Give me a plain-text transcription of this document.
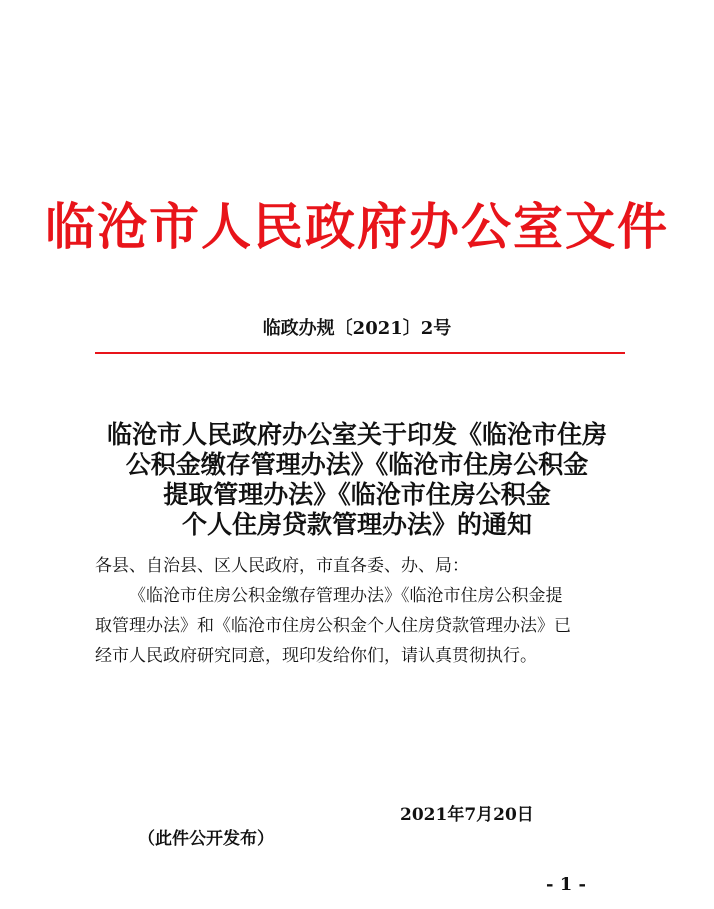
临沧市人民政府办公室文件
临政办规〔2021〕2号
临沧市人民政府办公室关于印发《临沧市住房
公积金缴存管理办法》《临沧市住房公积金
提取管理办法》《临沧市住房公积金
个人住房贷款管理办法》的通知

各县、自治县、区人民政府，市直各委、办、局：

《临沧市住房公积金缴存管理办法》《临沧市住房公积金提

取管理办法》和《临沧市住房公积金个人住房贷款管理办法》已

经市人民政府研究同意，现印发给你们，请认真贯彻执行。

2021年7月20日
（此件公开发布）
- 1 -
